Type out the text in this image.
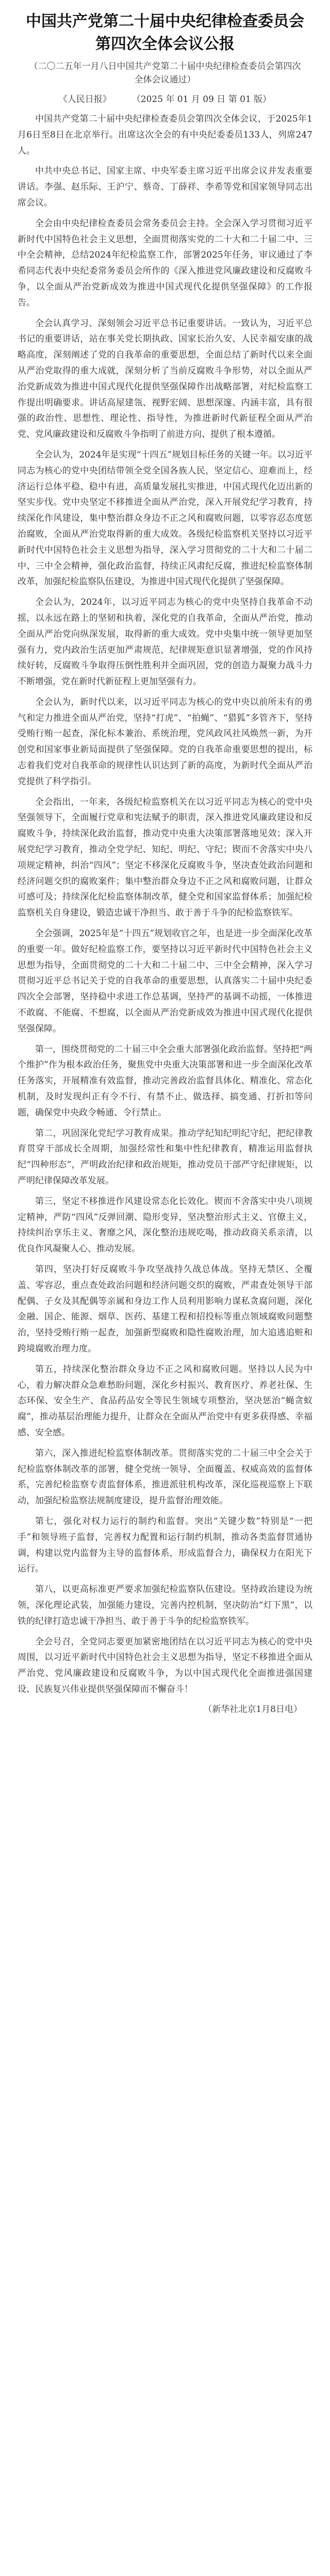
中国共产党第二十届中央纪律检查委员会
第四次全体会议公报

（二〇二五年一月八日中国共产党第二十届中央纪律检查委员会第四次全体会议通过）

《人民日报》 （2025 年 01 月 09 日 第 01 版）

中国共产党第二十届中央纪律检查委员会第四次全体会议，于2025年1月6日至8日在北京举行。出席这次全会的有中央纪委委员133人，列席247人。

中共中央总书记、国家主席、中央军委主席习近平出席会议并发表重要讲话。李强、赵乐际、王沪宁、蔡奇、丁薛祥、李希等党和国家领导同志出席会议。

全会由中央纪律检查委员会常务委员会主持。全会深入学习贯彻习近平新时代中国特色社会主义思想，全面贯彻落实党的二十大和二十届二中、三中全会精神，总结2024年纪检监察工作，部署2025年任务，审议通过了李希同志代表中央纪委常务委员会所作的《深入推进党风廉政建设和反腐败斗争，以全面从严治党新成效为推进中国式现代化提供坚强保障》的工作报告。

全会认真学习、深刻领会习近平总书记重要讲话。一致认为，习近平总书记的重要讲话，站在事关党长期执政、国家长治久安、人民幸福安康的战略高度，深刻阐述了党的自我革命的重要思想，全面总结了新时代以来全面从严治党取得的重大成就，深刻分析了当前反腐败斗争形势，对以全面从严治党新成效为推进中国式现代化提供坚强保障作出战略部署，对纪检监察工作提出明确要求。讲话高屋建瓴、视野宏阔、思想深邃、内涵丰富，具有很强的政治性、思想性、理论性、指导性，为推进新时代新征程全面从严治党、党风廉政建设和反腐败斗争指明了前进方向、提供了根本遵循。

全会认为，2024年是实现“十四五”规划目标任务的关键一年。以习近平同志为核心的党中央团结带领全党全国各族人民，坚定信心、迎难而上，经济运行总体平稳、稳中有进，高质量发展扎实推进，中国式现代化迈出新的坚实步伐。党中央坚定不移推进全面从严治党，深入开展党纪学习教育，持续深化作风建设，集中整治群众身边不正之风和腐败问题，以零容忍态度惩治腐败，全面从严治党取得新的重大成效。各级纪检监察机关坚持以习近平新时代中国特色社会主义思想为指导，深入学习贯彻党的二十大和二十届二中、三中全会精神，强化政治监督，持续正风肃纪反腐，推进纪检监察体制改革，加强纪检监察队伍建设，为推进中国式现代化提供了坚强保障。

全会认为，2024年，以习近平同志为核心的党中央坚持自我革命不动摇，以永远在路上的坚韧和执着，深化党的自我革命，全面从严治党，推动全面从严治党向纵深发展，取得新的重大成效。党中央集中统一领导更加坚强有力，党内政治生活更加严肃规范，纪律规矩意识显著增强，党的作风持续好转，反腐败斗争取得压倒性胜利并全面巩固，党的创造力凝聚力战斗力不断增强，党在新时代新征程上更加坚强有力。

全会认为，新时代以来，以习近平同志为核心的党中央以前所未有的勇气和定力推进全面从严治党，坚持“打虎”、“拍蝇”、“猎狐”多管齐下，坚持受贿行贿一起查，深化标本兼治、系统治理，党风政风社风焕然一新，为开创党和国家事业新局面提供了坚强保障。党的自我革命重要思想的提出，标志着我们党对自我革命的规律性认识达到了新的高度，为新时代全面从严治党提供了科学指引。

全会指出，一年来，各级纪检监察机关在以习近平同志为核心的党中央坚强领导下，全面履行党章和宪法赋予的职责，深入推进党风廉政建设和反腐败斗争，持续深化政治监督，推动党中央重大决策部署落地见效；深入开展党纪学习教育，推动全党学纪、知纪、明纪、守纪；锲而不舍落实中央八项规定精神，纠治“四风”；坚定不移深化反腐败斗争，坚决查处政治问题和经济问题交织的腐败案件；集中整治群众身边不正之风和腐败问题，让群众可感可及；持续深化纪检监察体制改革，健全党和国家监督体系；加强纪检监察机关自身建设，锻造忠诚干净担当、敢于善于斗争的纪检监察铁军。

全会强调，2025年是“十四五”规划收官之年，也是进一步全面深化改革的重要一年。做好纪检监察工作，要坚持以习近平新时代中国特色社会主义思想为指导，全面贯彻党的二十大和二十届二中、三中全会精神，深入学习贯彻习近平总书记关于党的自我革命的重要思想，认真落实二十届中央纪委四次全会部署，坚持稳中求进工作总基调，坚持严的基调不动摇，一体推进不敢腐、不能腐、不想腐，以全面从严治党新成效为推进中国式现代化提供坚强保障。

第一，围绕贯彻党的二十届三中全会重大部署强化政治监督。坚持把“两个维护”作为根本政治任务，聚焦党中央重大决策部署和进一步全面深化改革任务落实，开展精准有效监督，推动完善政治监督具体化、精准化、常态化机制，及时发现纠正有令不行、有禁不止、做选择、搞变通、打折扣等问题，确保党中央政令畅通、令行禁止。

第二，巩固深化党纪学习教育成果。推动学纪知纪明纪守纪，把纪律教育贯穿干部成长全周期，加强经常性和集中性纪律教育，精准运用监督执纪“四种形态”，严明政治纪律和政治规矩，推动党员干部严守纪律规矩，以严明纪律保障改革发展。

第三，坚定不移推进作风建设常态化长效化。锲而不舍落实中央八项规定精神，严防“四风”反弹回潮、隐形变异，坚决整治形式主义、官僚主义，持续纠治享乐主义、奢靡之风，深化整治违规吃喝，推动政商关系亲清，以优良作风凝聚人心、推动发展。

第四，坚决打好反腐败斗争攻坚战持久战总体战。坚持无禁区、全覆盖、零容忍，重点查处政治问题和经济问题交织的腐败，严肃查处领导干部配偶、子女及其配偶等亲属和身边工作人员利用影响力谋私贪腐问题，深化金融、国企、能源、烟草、医药、基建工程和招投标等重点领域腐败问题整治，坚持受贿行贿一起查，加强新型腐败和隐性腐败治理，加大追逃追赃和跨境腐败治理力度。

第五，持续深化整治群众身边不正之风和腐败问题。坚持以人民为中心，着力解决群众急难愁盼问题，深化乡村振兴、教育医疗、养老社保、生态环保、安全生产、食品药品安全等民生领域专项整治，坚决惩治“蝇贪蚁腐”，推动基层治理能力提升，让群众在全面从严治党中有更多获得感、幸福感、安全感。

第六，深入推进纪检监察体制改革。贯彻落实党的二十届三中全会关于纪检监察体制改革的部署，健全党统一领导、全面覆盖、权威高效的监督体系，完善纪检监察专责监督体系，推进派驻机构改革，深化巡视巡察上下联动，加强纪检监察法规制度建设，提升监督治理效能。

第七，强化对权力运行的制约和监督。突出“关键少数”特别是“一把手”和领导班子监督，完善权力配置和运行制约机制，推动各类监督贯通协调，构建以党内监督为主导的监督体系，形成监督合力，确保权力在阳光下运行。

第八，以更高标准更严要求加强纪检监察队伍建设。坚持政治建设为统领，深化理论武装，加强能力建设，完善内控机制，坚决防治“灯下黑”，以铁的纪律打造忠诚干净担当、敢于善于斗争的纪检监察铁军。

全会号召，全党同志要更加紧密地团结在以习近平同志为核心的党中央周围，以习近平新时代中国特色社会主义思想为指导，坚定不移推进全面从严治党、党风廉政建设和反腐败斗争，为以中国式现代化全面推进强国建设、民族复兴伟业提供坚强保障而不懈奋斗！

（新华社北京1月8日电）
